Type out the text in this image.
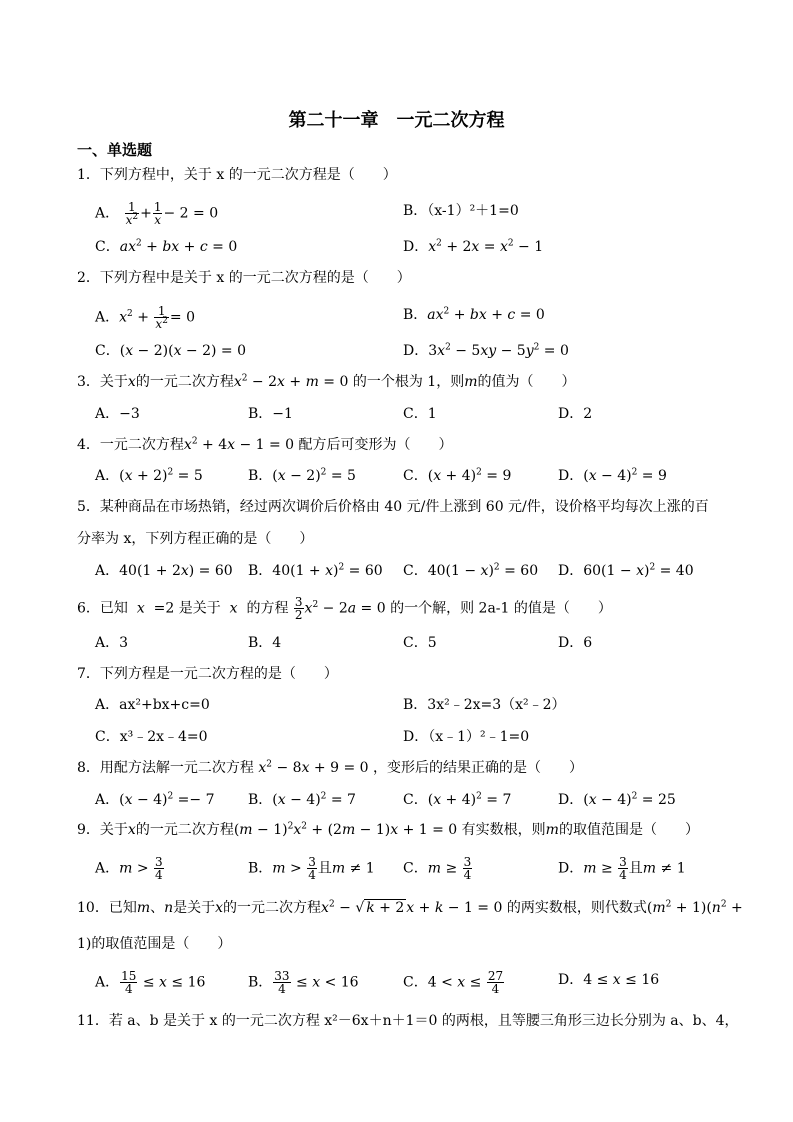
第二十一章　一元二次方程
一、单选题
1．下列方程中，关于 x 的一元二次方程是（　　）
A． $\frac{1}{x^2} + \frac{1}{x} - 2 = 0$	B．（x-1）²＋1=0
C．$ax^2$ + bx + c = 0	D．$x^2 + 2x = x^2 - 1$
2．下列方程中是关于 x 的一元二次方程的是（　　）
A．$x^2 + \frac{1}{x^2} = 0$	B．$ax^2$ + bx + c = 0
C．(x − 2)(x − 2) = 0	D．$3x^2 - 5xy - 5y^2 = 0$
3．关于x的一元二次方程$x^2 - 2x + m = 0$ 的一个根为 1，则m的值为（　　）
A．−3	B．−1	C．1	D．2
4．一元二次方程$x^2 + 4x - 1 = 0$ 配方后可变形为（　　）
A．$(x + 2)^2 = 5$	B．$(x - 2)^2 = 5$	C．$(x + 4)^2 = 9$	D．$(x - 4)^2 = 9$
5．某种商品在市场热销，经过两次调价后价格由 40 元/件上涨到 60 元/件，设价格平均每次上涨的百
分率为 x，下列方程正确的是（　　）
A．40(1 + 2x) = 60 B．$40(1 + x)^2 = 60$ C．$40(1 - x)^2 = 60$ D．$60(1 - x)^2 = 40$
6．已知 x =2 是关于 x 的方程 $\frac{3}{2} x^2 - 2a = 0$ 的一个解，则 2a-1 的值是（　　）
A．3	B．4	C．5	D．6
7．下列方程是一元二次方程的是（　　）
A．ax²+bx+c=0	B．3x²﹣2x=3（x²﹣2）
C．x³﹣2x﹣4=0	D．（x﹣1）²﹣1=0
8．用配方法解一元二次方程 $x^2 - 8x + 9 = 0$ ，变形后的结果正确的是（　　）
A．$(x - 4)^2 =- 7$ B．$(x - 4)^2 = 7$	C．$(x + 4)^2 = 7$	D．$(x - 4)^2 = 25$
9．关于x的一元二次方程$(m - 1)^2x^2 + (2m - 1)x + 1 = 0$ 有实数根，则m的取值范围是（　　）
A．$m > \frac{3}{4}$	B．$m > \frac{3}{4}$ 且m ≠ 1 C．$m \ge \frac{3}{4}$	D．$m \ge \frac{3}{4}$ 且m ≠ 1
10．已知m、n是关于x的一元二次方程$x^2$ − √ k + 2 x + k − 1 = 0 的两实数根，则代数式$(m^2 + 1)(n^2$ +
1)的取值范围是（　　）
A． $\frac{15}{4} \le x \le 16$	B． $\frac{33}{4} \le x < 16$	C．$4 < x \le \frac{27}{4}$	D．4 ≤ x ≤ 16
11．若 a、b 是关于 x 的一元二次方程 x²－6x＋n＋1＝0 的两根，且等腰三角形三边长分别为 a、b、4，
